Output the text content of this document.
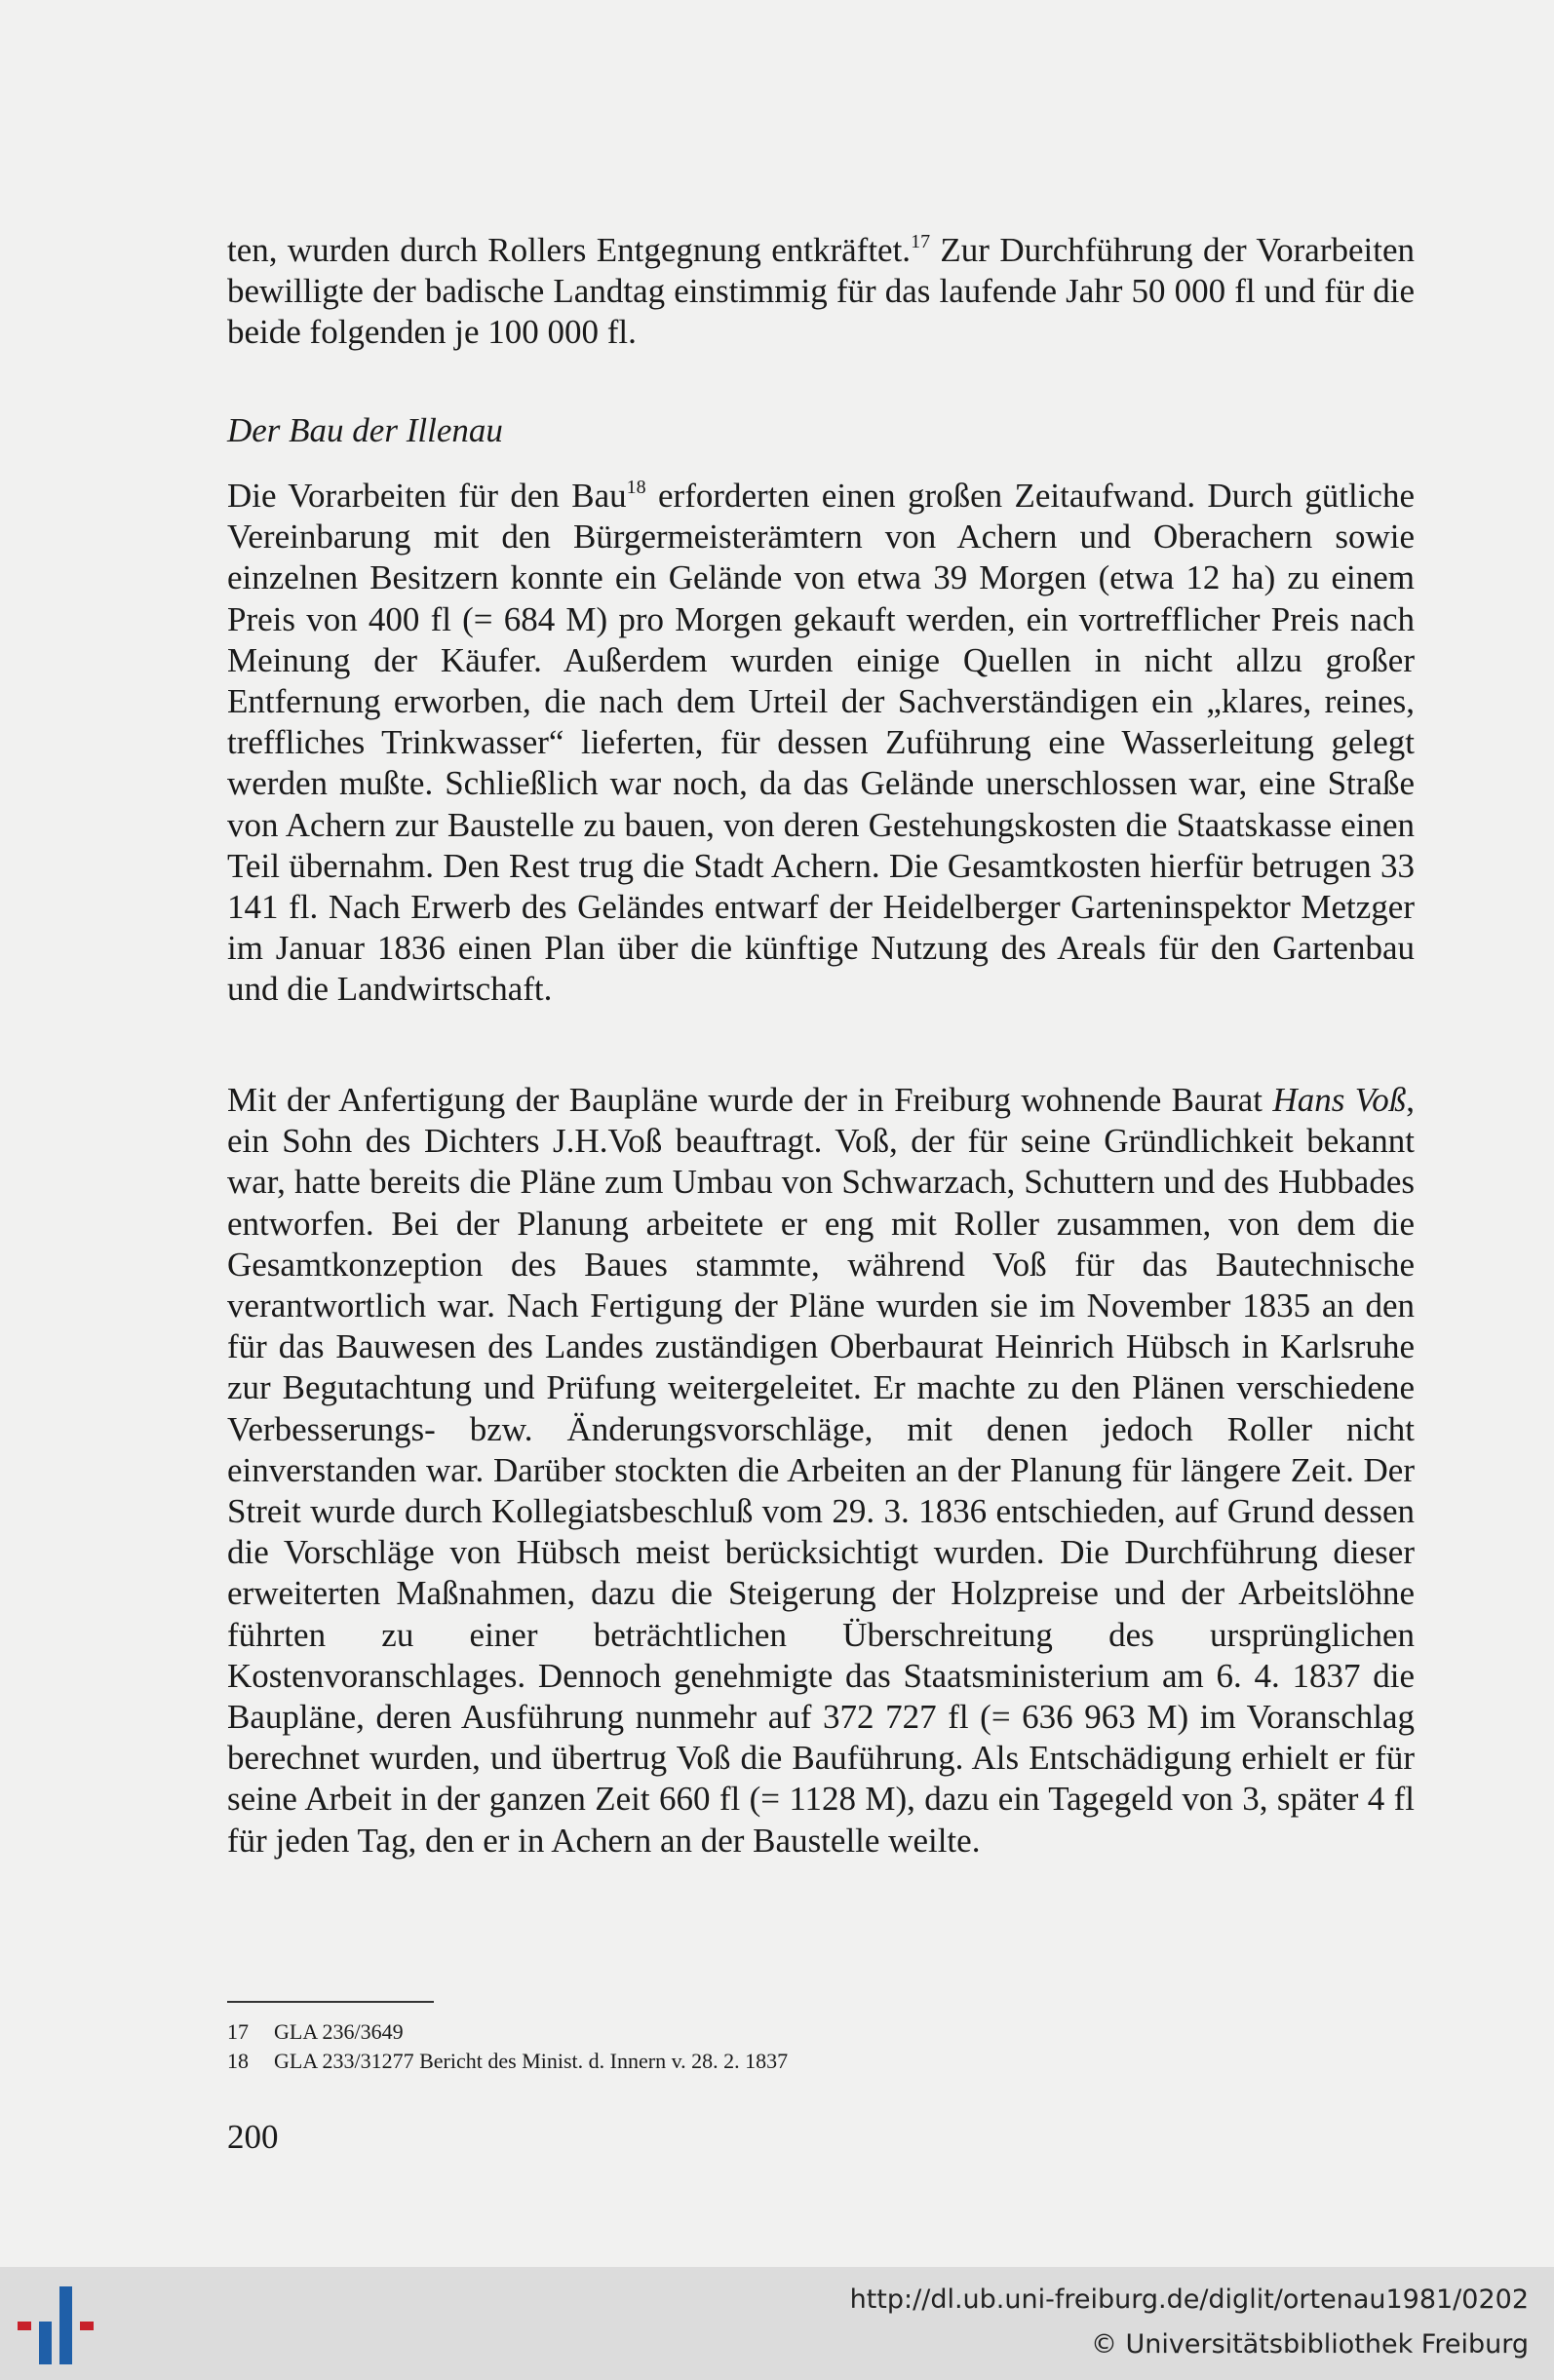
ten, wurden durch Rollers Entgegnung entkräftet.$^{17}$ Zur Durchführung der Vorarbeiten bewilligte der badische Landtag einstimmig für das laufende Jahr 50 000 fl und für die beide folgenden je 100 000 fl.

Der Bau der Illenau

Die Vorarbeiten für den Bau$^{18}$ erforderten einen großen Zeitaufwand. Durch gütliche Vereinbarung mit den Bürgermeisterämtern von Achern und Oberachern sowie einzelnen Besitzern konnte ein Gelände von etwa 39 Morgen (etwa 12 ha) zu einem Preis von 400 fl (= 684 M) pro Morgen gekauft werden, ein vortrefflicher Preis nach Meinung der Käufer. Außerdem wurden einige Quellen in nicht allzu großer Entfernung erworben, die nach dem Urteil der Sachverständigen ein „klares, reines, treffliches Trinkwasser“ lieferten, für dessen Zuführung eine Wasserleitung gelegt werden mußte. Schließlich war noch, da das Gelände unerschlossen war, eine Straße von Achern zur Baustelle zu bauen, von deren Gestehungskosten die Staatskasse einen Teil übernahm. Den Rest trug die Stadt Achern. Die Gesamtkosten hierfür betrugen 33 141 fl. Nach Erwerb des Geländes entwarf der Heidelberger Garteninspektor Metzger im Januar 1836 einen Plan über die künftige Nutzung des Areals für den Gartenbau und die Landwirtschaft.

Mit der Anfertigung der Baupläne wurde der in Freiburg wohnende Baurat Hans Voß, ein Sohn des Dichters J.H.Voß beauftragt. Voß, der für seine Gründlichkeit bekannt war, hatte bereits die Pläne zum Umbau von Schwarzach, Schuttern und des Hubbades entworfen. Bei der Planung arbeitete er eng mit Roller zusammen, von dem die Gesamtkonzeption des Baues stammte, während Voß für das Bautechnische verantwortlich war. Nach Fertigung der Pläne wurden sie im November 1835 an den für das Bauwesen des Landes zuständigen Oberbaurat Heinrich Hübsch in Karlsruhe zur Begutachtung und Prüfung weitergeleitet. Er machte zu den Plänen verschiedene Verbesserungs- bzw. Änderungsvorschläge, mit denen jedoch Roller nicht einverstanden war. Darüber stockten die Arbeiten an der Planung für längere Zeit. Der Streit wurde durch Kollegiatsbeschluß vom 29. 3. 1836 entschieden, auf Grund dessen die Vorschläge von Hübsch meist berücksichtigt wurden. Die Durchführung dieser erweiterten Maßnahmen, dazu die Steigerung der Holzpreise und der Arbeitslöhne führten zu einer beträchtlichen Überschreitung des ursprünglichen Kostenvoranschlages. Dennoch genehmigte das Staatsministerium am 6. 4. 1837 die Baupläne, deren Ausführung nunmehr auf 372 727 fl (= 636 963 M) im Voranschlag berechnet wurden, und übertrug Voß die Bauführung. Als Entschädigung erhielt er für seine Arbeit in der ganzen Zeit 660 fl (= 1128 M), dazu ein Tagegeld von 3, später 4 fl für jeden Tag, den er in Achern an der Baustelle weilte.

17 GLA 236/3649
18 GLA 233/31277 Bericht des Minist. d. Innern v. 28. 2. 1837
200
http://dl.ub.uni-freiburg.de/diglit/ortenau1981/0202
© Universitätsbibliothek Freiburg
